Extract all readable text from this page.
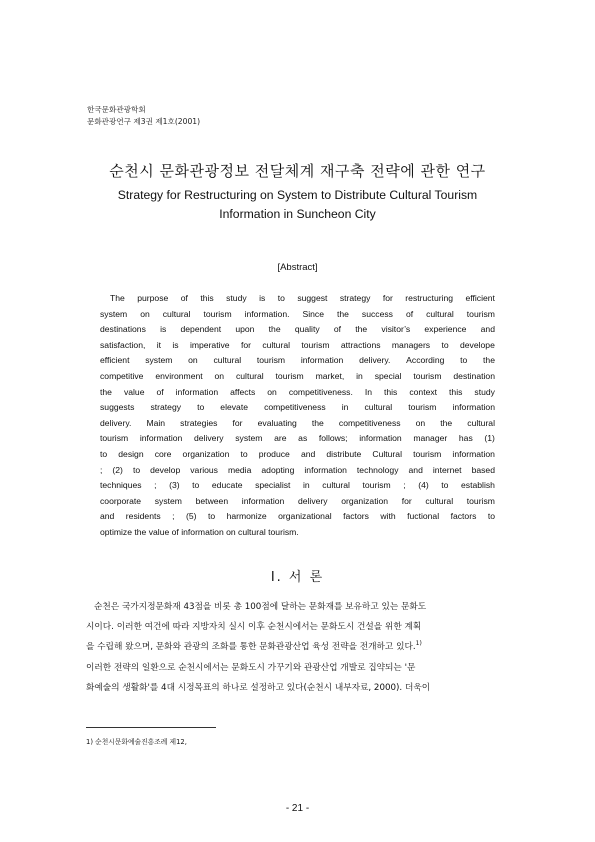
한국문화관광학회
문화관광연구 제3권 제1호(2001)
순천시 문화관광정보 전달체계 재구축 전략에 관한 연구
Strategy for Restructuring on System to Distribute Cultural Tourism
Information in Suncheon City
[Abstract]
The purpose of this study is to suggest strategy for restructuring efficient
system on cultural tourism information. Since the success of cultural tourism
destinations is dependent upon the quality of the visitor’s experience and
satisfaction, it is imperative for cultural tourism attractions managers to develope
efficient system on cultural tourism information delivery. According to the
competitive environment on cultural tourism market, in special tourism destination
the value of information affects on competitiveness. In this context this study
suggests strategy to elevate competitiveness in cultural tourism information
delivery. Main strategies for evaluating the competitiveness on the cultural
tourism information delivery system are as follows; information manager has (1)
to design core organization to produce and distribute Cultural tourism information
; (2) to develop various media adopting information technology and internet based
techniques ; (3) to educate specialist in cultural tourism ; (4) to establish
coorporate system between information delivery organization for cultural tourism
and residents ; (5) to harmonize organizational factors with fuctional factors to
optimize the value of information on cultural tourism.
Ⅰ. 서 론
순천은 국가지정문화재 43점을 비롯 총 100점에 달하는 문화재를 보유하고 있는 문화도
시이다. 이러한 여건에 따라 지방자치 실시 이후 순천시에서는 문화도시 건설을 위한 계획
을 수립해 왔으며, 문화와 관광의 조화를 통한 문화관광산업 육성 전략을 전개하고 있다.$^{1)}$
이러한 전략의 일환으로 순천시에서는 문화도시 가꾸기와 관광산업 개발로 집약되는 '문
화예술의 생활화'를 4대 시정목표의 하나로 설정하고 있다(순천시 내부자료, 2000). 더욱이
1) 순천시문화예술진흥조례 제12,
- 21 -
